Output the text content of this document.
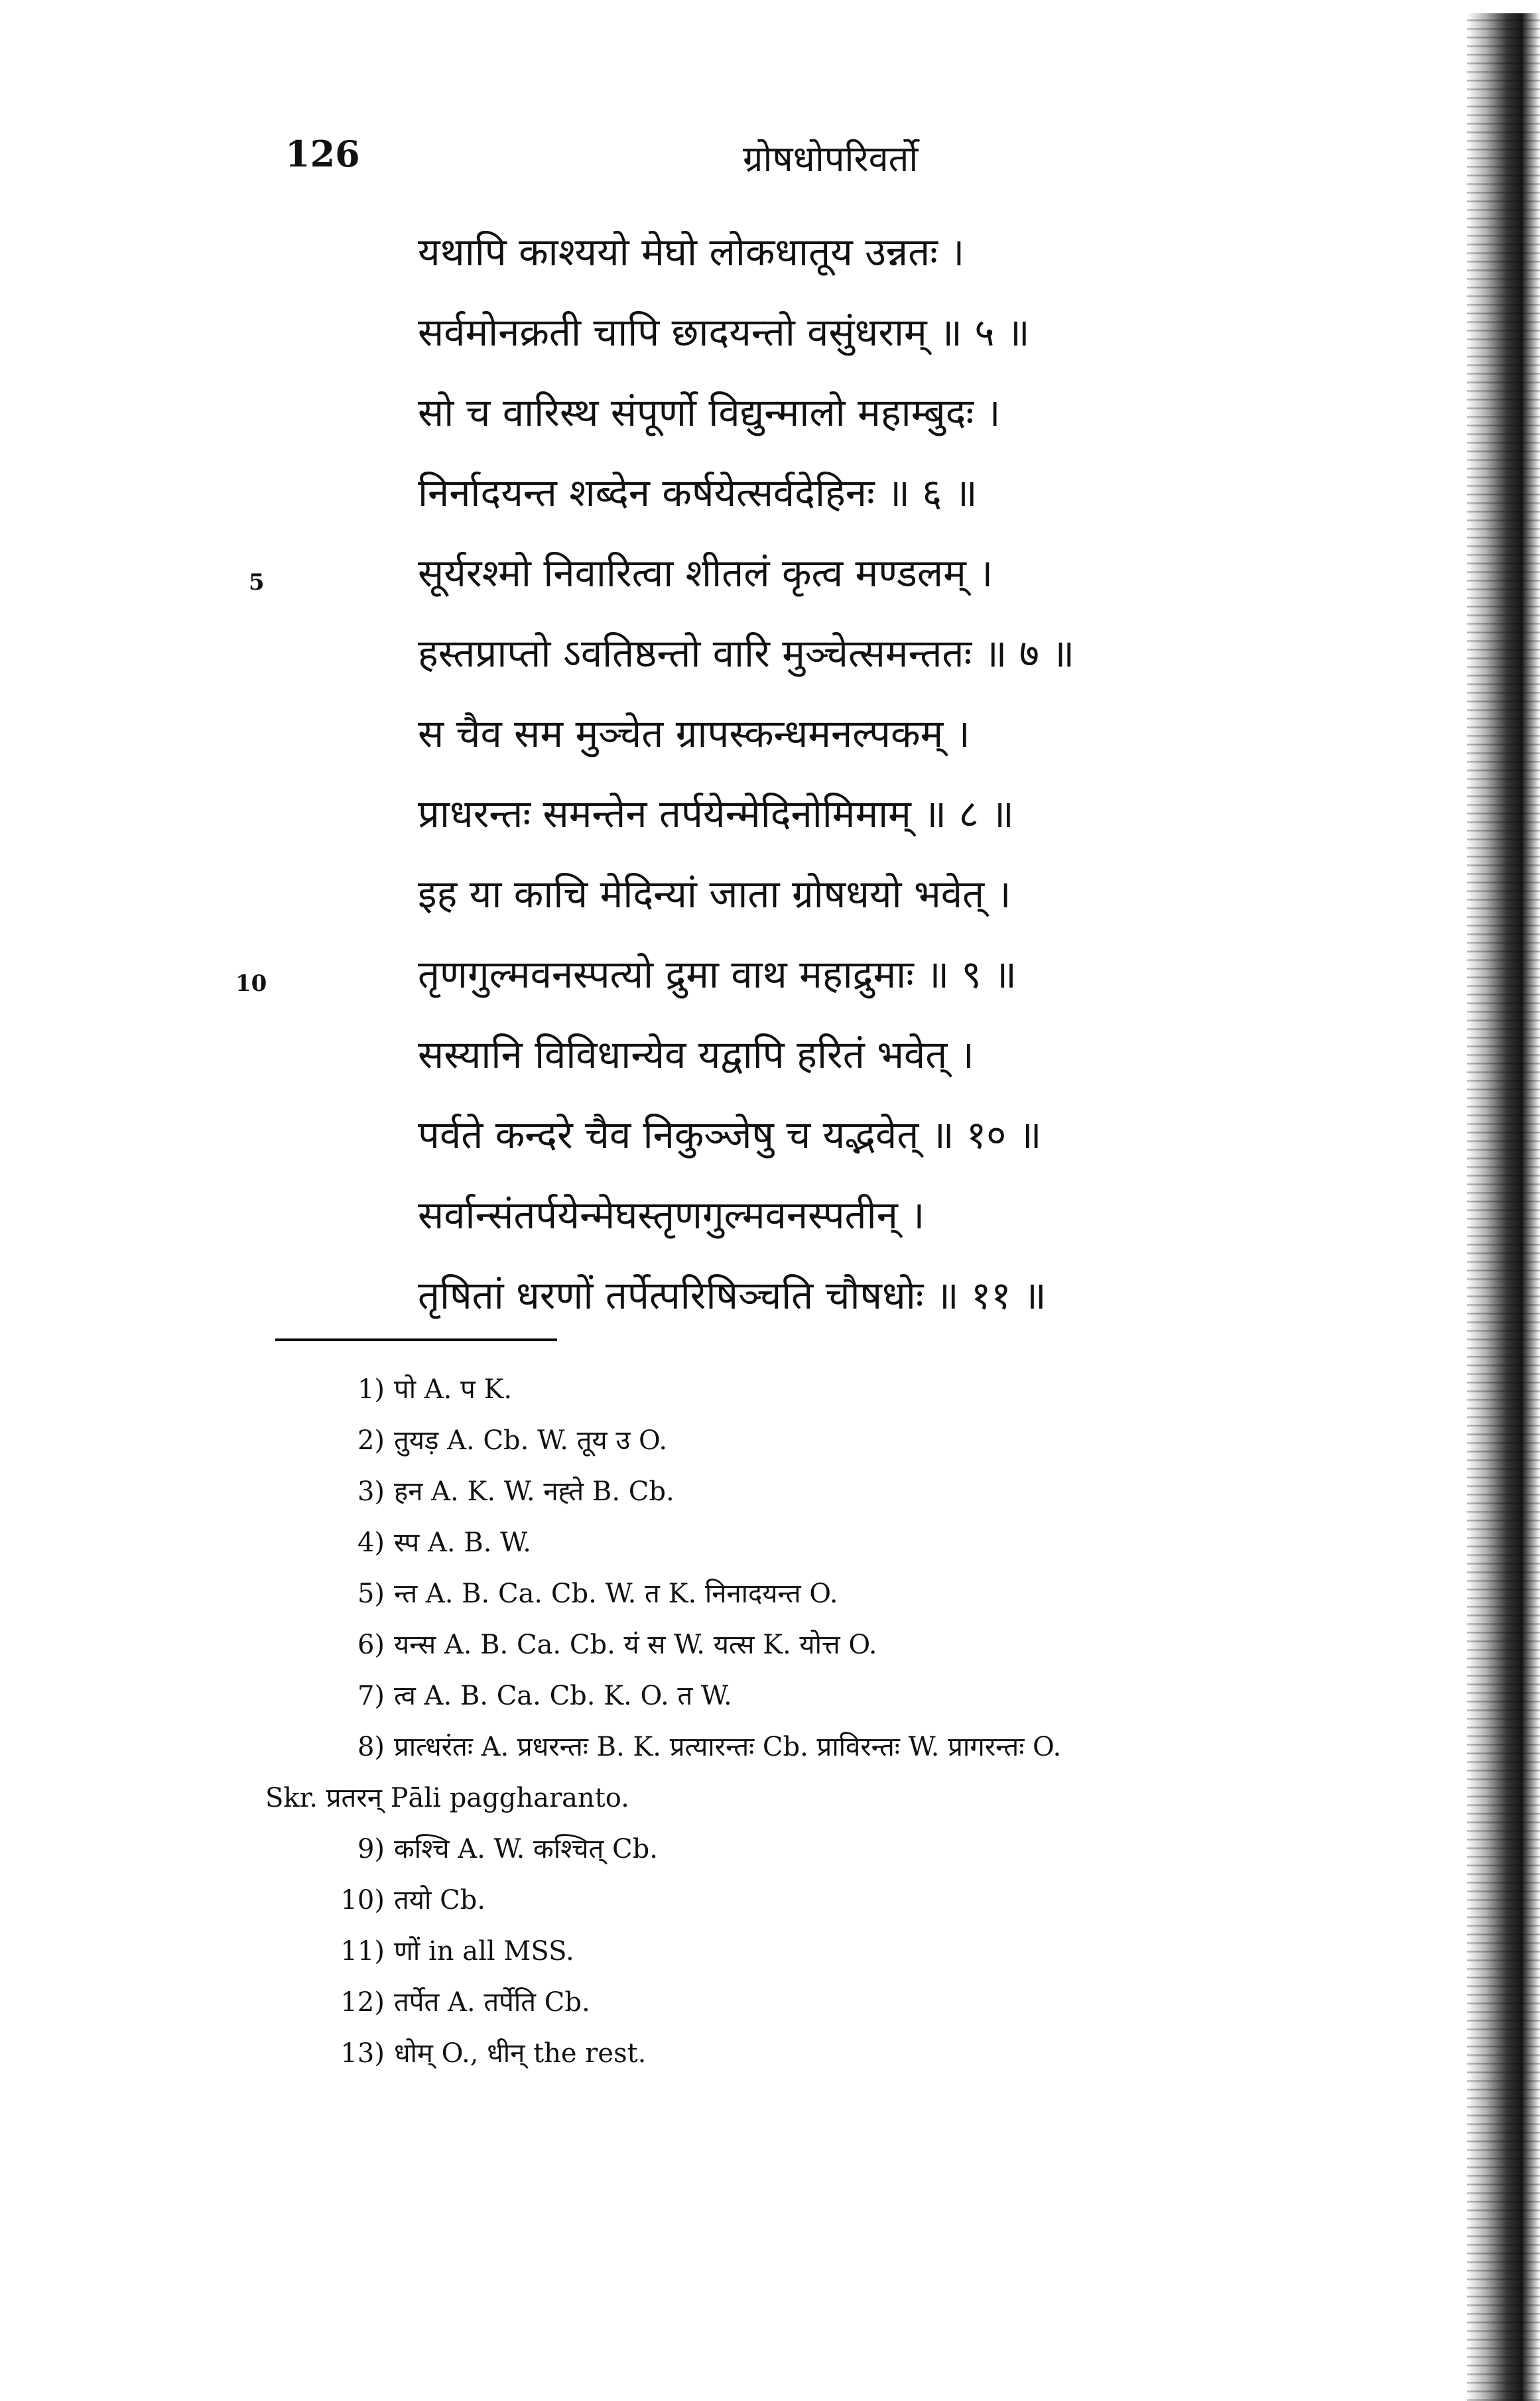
126	ग्रोषधोपरिवर्तो
यथापि काश्ययो मेघो लोकधातूय उन्नतः ।
सर्वमोनक्रती चापि छादयन्तो वसुंधराम् ॥ ५ ॥
सो च वारिस्थ संपूर्णो विद्युन्मालो महाम्बुदः ।
निर्नादयन्त शब्देन कर्षयेत्सर्वदेहिनः ॥ ६ ॥
5	सूर्यरश्मो निवारित्वा शीतलं कृत्व मण्डलम् ।
हस्तप्राप्तो ऽवतिष्ठन्तो वारि मुञ्चेत्समन्ततः ॥ ७ ॥
स चैव सम मुञ्चेत ग्रापस्कन्धमनल्पकम् ।
प्राधरन्तः समन्तेन तर्पयेन्मेदिनोमिमाम् ॥ ८ ॥
इह या काचि मेदिन्यां जाता ग्रोषधयो भवेत् ।
10	तृणगुल्मवनस्पत्यो द्रुमा वाथ महाद्रुमाः ॥ ९ ॥
सस्यानि विविधान्येव यद्वापि हरितं भवेत् ।
पर्वते कन्दरे चैव निकुञ्जेषु च यद्भवेत् ॥ १० ॥
सर्वान्संतर्पयेन्मेघस्तृणगुल्मवनस्पतीन् ।
तृषितां धरणों तर्पेत्परिषिञ्चति चौषधोः ॥ ११ ॥
1) पो A. प K.
2) तुयड़ A. Cb. W. तूय उ O.
3) हन A. K. W. नह्ते B. Cb.
4) स्प A. B. W.
5) न्त A. B. Ca. Cb. W. त K. निनादयन्त O.
6) यन्स A. B. Ca. Cb. यं स W. यत्स K. योत्त O.
7) त्व A. B. Ca. Cb. K. O. त W.
8) प्रात्धरंतः A. प्रधरन्तः B. K. प्रत्यारन्तः Cb. प्राविरन्तः W. प्रागरन्तः O.
Skr. प्रतरन् Pāli paggharanto.
9) कश्चि A. W. कश्चित् Cb.
10) तयो Cb.
11) णों in all MSS.
12) तर्पेत A. तर्पेति Cb.
13) धोम् O., धीन् the rest.
